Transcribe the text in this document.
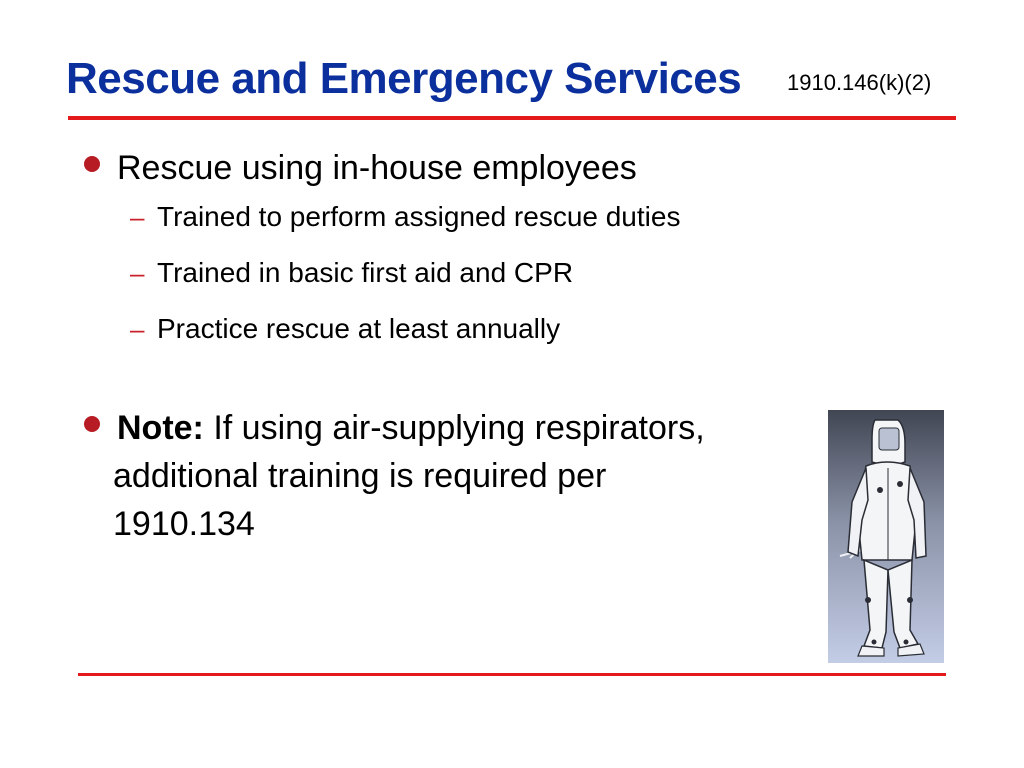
Rescue and Emergency Services 1910.146(k)(2)
Rescue using in-house employees
– Trained to perform assigned rescue duties
– Trained in basic first aid and CPR
– Practice rescue at least annually
Note: If using air-supplying respirators,
additional training is required per
1910.134
